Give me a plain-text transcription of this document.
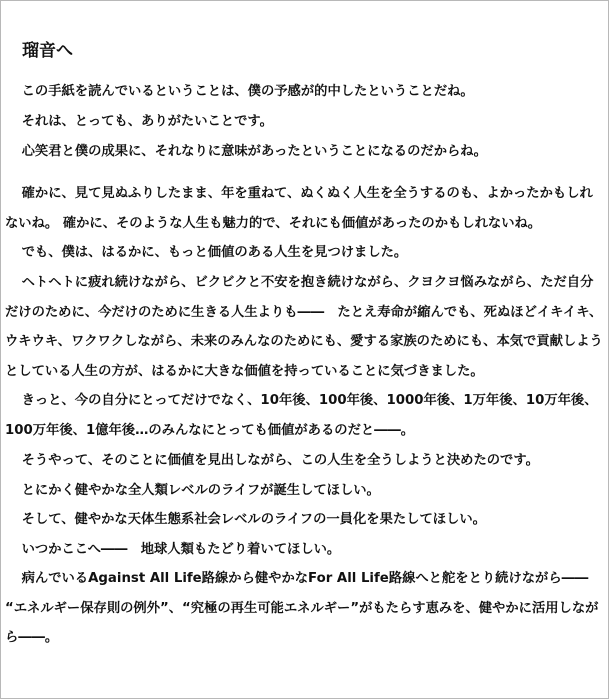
瑠音へ

この手紙を読んでいるということは、僕の予感が的中したということだね。

それは、とっても、ありがたいことです。

心笑君と僕の成果に、それなりに意味があったということになるのだからね。

確かに、見て見ぬふりしたまま、年を重ねて、ぬくぬく人生を全うするのも、よかったかもしれないね。 確かに、そのような人生も魅力的で、それにも価値があったのかもしれないね。

でも、僕は、はるかに、もっと価値のある人生を見つけました。

ヘトヘトに疲れ続けながら、ビクビクと不安を抱き続けながら、クヨクヨ悩みながら、ただ自分だけのために、今だけのために生きる人生よりも――　たとえ寿命が縮んでも、死ぬほどイキイキ、ウキウキ、ワクワクしながら、未来のみんなのためにも、愛する家族のためにも、本気で貢献しようとしている人生の方が、はるかに大きな価値を持っていることに気づきました。

きっと、今の自分にとってだけでなく、10年後、100年後、1000年後、1万年後、10万年後、100万年後、1億年後…のみんなにとっても価値があるのだと――。

そうやって、そのことに価値を見出しながら、この人生を全うしようと決めたのです。

とにかく健やかな全人類レベルのライフが誕生してほしい。

そして、健やかな天体生態系社会レベルのライフの一員化を果たしてほしい。

いつかここへ――　地球人類もたどり着いてほしい。

病んでいるAgainst All Life路線から健やかなFor All Life路線へと舵をとり続けながら――　“エネルギー保存則の例外”、“究極の再生可能エネルギー”がもたらす恵みを、健やかに活用しながら――。
